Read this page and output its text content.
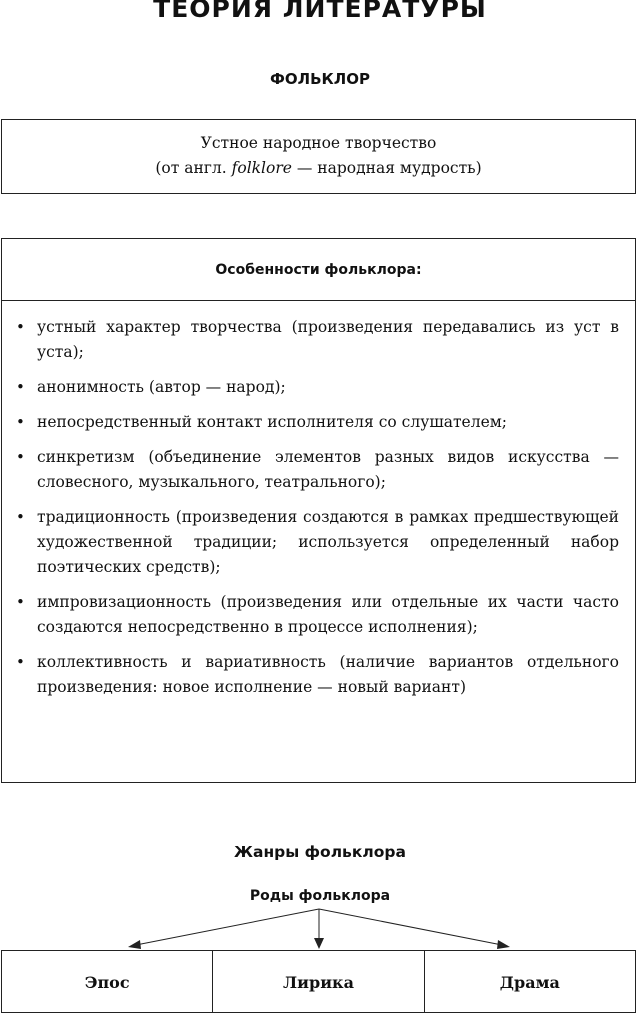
ТЕОРИЯ ЛИТЕРАТУРЫ
ФОЛЬКЛОР
Устное народное творчество
(от англ. folklore — народная мудрость)
Особенности фольклора:
• устный характер творчества (произведения передавались из уст в уста);
• анонимность (автор — народ);
• непосредственный контакт исполнителя со слушателем;
• синкретизм (объединение элементов разных видов искусства — словесного, музыкального, театрального);
• традиционность (произведения создаются в рамках предшествующей художественной традиции; используется определенный набор поэтических средств);
• импровизационность (произведения или отдельные их части часто создаются непосредственно в процессе исполнения);
• коллективность и вариативность (наличие вариантов отдельного произведения: новое исполнение — новый вариант)
Жанры фольклора
Роды фольклора
Эпос	Лирика	Драма
